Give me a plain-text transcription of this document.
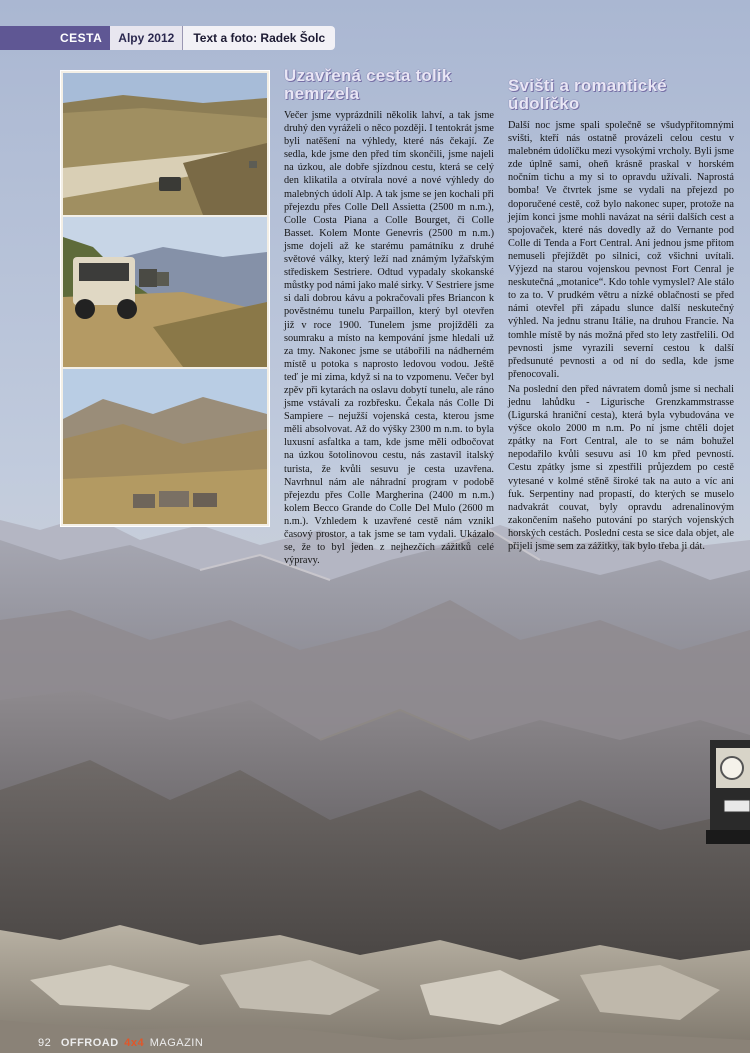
CESTA	Alpy 2012	Text a foto: Radek Šolc
Uzavřená cesta tolik nemrzela

Večer jsme vyprázdnili několik lahví, a tak jsme druhý den vyráželi o něco později. I tentokrát jsme byli natěšení na výhledy, které nás čekají. Ze sedla, kde jsme den před tím skončili, jsme najeli na úzkou, ale dobře sjízdnou cestu, která se celý den klikatila a otvírala nové a nové výhledy do malebných údolí Alp. A tak jsme se jen kochali při přejezdu přes Colle Dell Assietta (2500 m n.m.), Colle Costa Piana a Colle Bourget, či Colle Basset. Kolem Monte Genevris (2500 m n.m.) jsme dojeli až ke starému památníku z druhé světové války, který leží nad známým lyžařským střediskem Sestriere. Odtud vypadaly skokanské můstky pod námi jako malé sirky. V Sestriere jsme si dali dobrou kávu a pokračovali přes Briancon k pověstnému tunelu Parpaillon, který byl otevřen již v roce 1900. Tunelem jsme projížděli za soumraku a místo na kempování jsme hledali už za tmy. Nakonec jsme se utábořili na nádherném místě u potoka s naprosto ledovou vodou. Ještě teď je mi zima, když si na to vzpomenu. Večer byl zpěv při kytarách na oslavu dobytí tunelu, ale ráno jsme vstávali za rozbřesku. Čekala nás Colle Di Sampiere – nejužší vojenská cesta, kterou jsme měli absolvovat. Až do výšky 2300 m n.m. to byla luxusní asfaltka a tam, kde jsme měli odbočovat na úzkou šotolinovou cestu, nás zastavil italský turista, že kvůli sesuvu je cesta uzavřena. Navrhnul nám ale náhradní program v podobě přejezdu přes Colle Margherina (2400 m n.m.) kolem Becco Grande do Colle Del Mulo (2600 m n.m.). Vzhledem k uzavřené cestě nám vznikl časový prostor, a tak jsme se tam vydali. Ukázalo se, že to byl jeden z nejhezčích zážitků celé výpravy.

Svišti a romantické údolíčko

Další noc jsme spali společně se všudypřítomnými svišti, kteří nás ostatně provázeli celou cestu v malebném údolíčku mezi vysokými vrcholy. Byli jsme zde úplně sami, oheň krásně praskal v horském nočním tichu a my si to opravdu užívali. Naprostá bomba! Ve čtvrtek jsme se vydali na přejezd po doporučené cestě, což bylo nakonec super, protože na jejím konci jsme mohli navázat na sérii dalších cest a spojovaček, které nás dovedly až do Vernante pod Colle di Tenda a Fort Central. Ani jednou jsme přitom nemuseli přejíždět po silnici, což všichni uvítali. Výjezd na starou vojenskou pevnost Fort Cenral je neskutečná „motanice“. Kdo tohle vymyslel? Ale stálo to za to. V prudkém větru a nízké oblačnosti se před námi otevřel při západu slunce další neskutečný výhled. Na jednu stranu Itálie, na druhou Francie. Na tomhle místě by nás možná před sto lety zastřelili. Od pevnosti jsme vyrazili severní cestou k další předsunuté pevnosti a od ní do sedla, kde jsme přenocovali.

Na poslední den před návratem domů jsme si nechali jednu lahůdku - Ligurische Grenzkammstrasse (Ligurská hraniční cesta), která byla vybudována ve výšce okolo 2000 m n.m. Po ní jsme chtěli dojet zpátky na Fort Central, ale to se nám bohužel nepodařilo kvůli sesuvu asi 10 km před pevností. Cestu zpátky jsme si zpestřili průjezdem po cestě vytesané v kolmé stěně široké tak na auto a víc ani fuk. Serpentiny nad propastí, do kterých se muselo nadvakrát couvat, byly opravdu adrenalinovým zakončením našeho putování po starých vojenských horských cestách. Poslední cesta se sice dala objet, ale přijeli jsme sem za zážitky, tak bylo třeba ji dát.

92 OFFROAD 4x4 MAGAZIN
